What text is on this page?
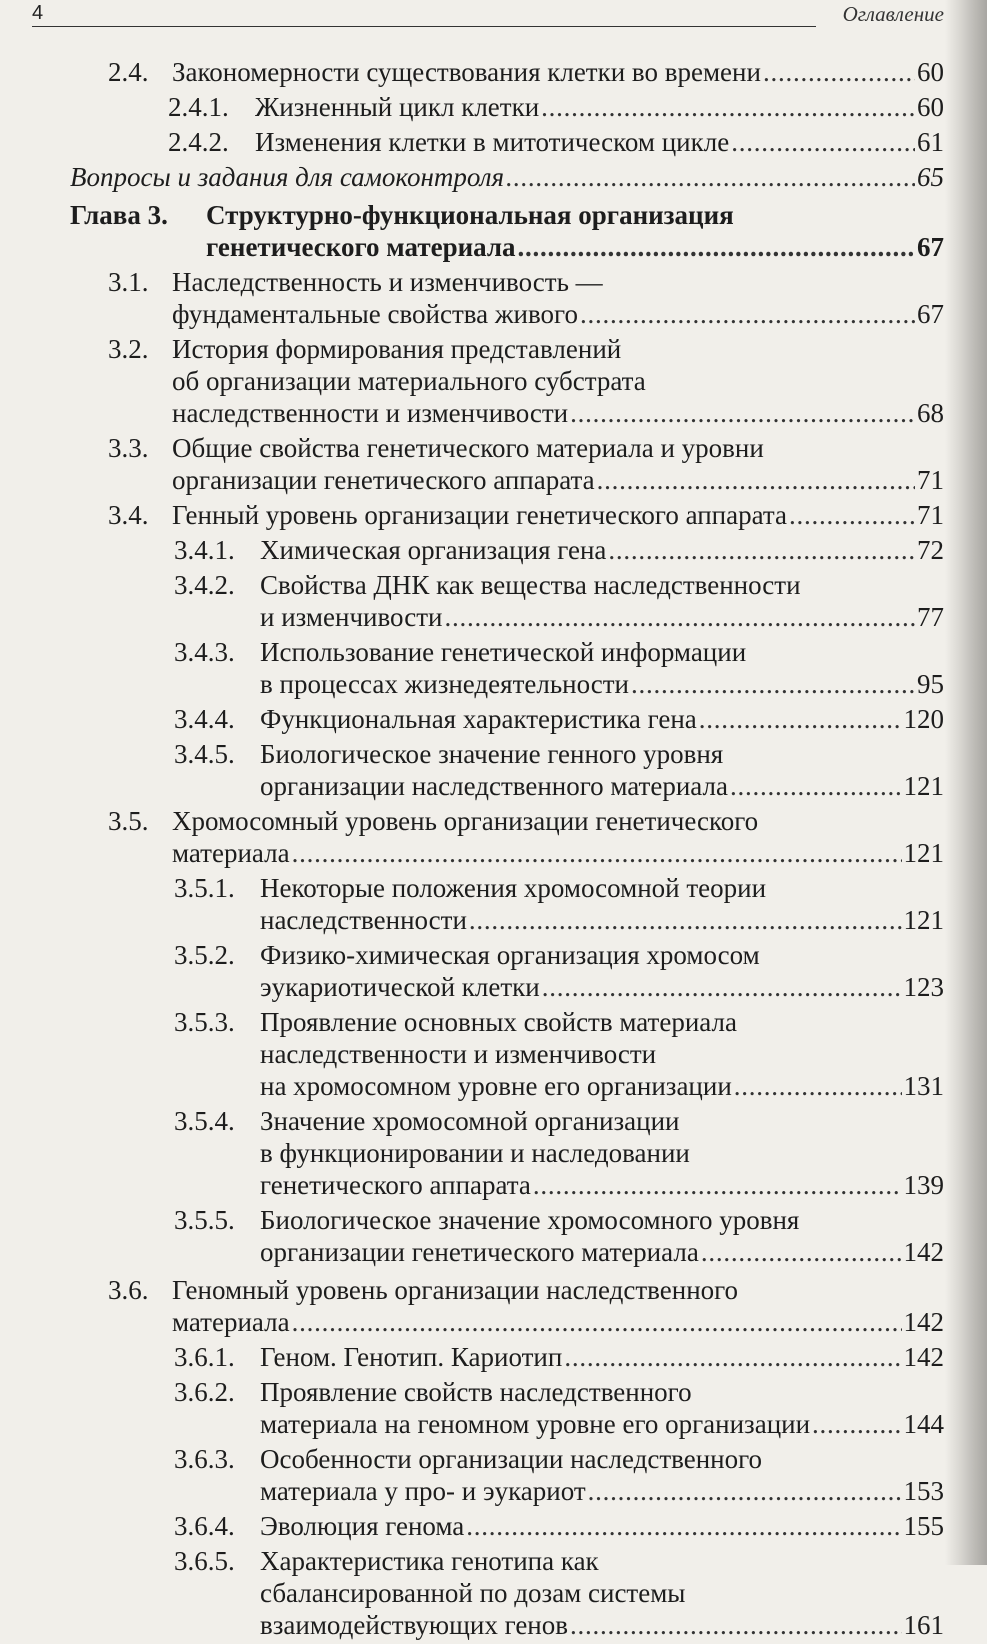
4	Оглавление
2.4. Закономерности существования клетки во времени . . .	60
2.4.1. Жизненный цикл клетки . . .	60
2.4.2. Изменения клетки в митотическом цикле . . .	61
Вопросы и задания для самоконтроля . . .	65
Глава 3. Структурно-функциональная организация
генетического материала . . .	67
3.1. Наследственность и изменчивость —
фундаментальные свойства живого . . .	67
3.2. История формирования представлений
об организации материального субстрата
наследственности и изменчивости . . .	68
3.3. Общие свойства генетического материала и уровни
организации генетического аппарата . . .	71
3.4. Генный уровень организации генетического аппарата . . .	71
3.4.1. Химическая организация гена . . .	72
3.4.2. Свойства ДНК как вещества наследственности
и изменчивости . . .	77
3.4.3. Использование генетической информации
в процессах жизнедеятельности . . .	95
3.4.4. Функциональная характеристика гена . . .	120
3.4.5. Биологическое значение генного уровня
организации наследственного материала . . .	121
3.5. Хромосомный уровень организации генетического
материала . . .	121
3.5.1. Некоторые положения хромосомной теории
наследственности . . .	121
3.5.2. Физико-химическая организация хромосом
эукариотической клетки . . .	123
3.5.3. Проявление основных свойств материала
наследственности и изменчивости
на хромосомном уровне его организации . . .	131
3.5.4. Значение хромосомной организации
в функционировании и наследовании
генетического аппарата . . .	139
3.5.5. Биологическое значение хромосомного уровня
организации генетического материала . . .	142
3.6. Геномный уровень организации наследственного
материала . . .	142
3.6.1. Геном. Генотип. Кариотип . . .	142
3.6.2. Проявление свойств наследственного
материала на геномном уровне его организации . . .	144
3.6.3. Особенности организации наследственного
материала у про- и эукариот . . .	153
3.6.4. Эволюция генома . . .	155
3.6.5. Характеристика генотипа как
сбалансированной по дозам системы
взаимодействующих генов . . .	161
